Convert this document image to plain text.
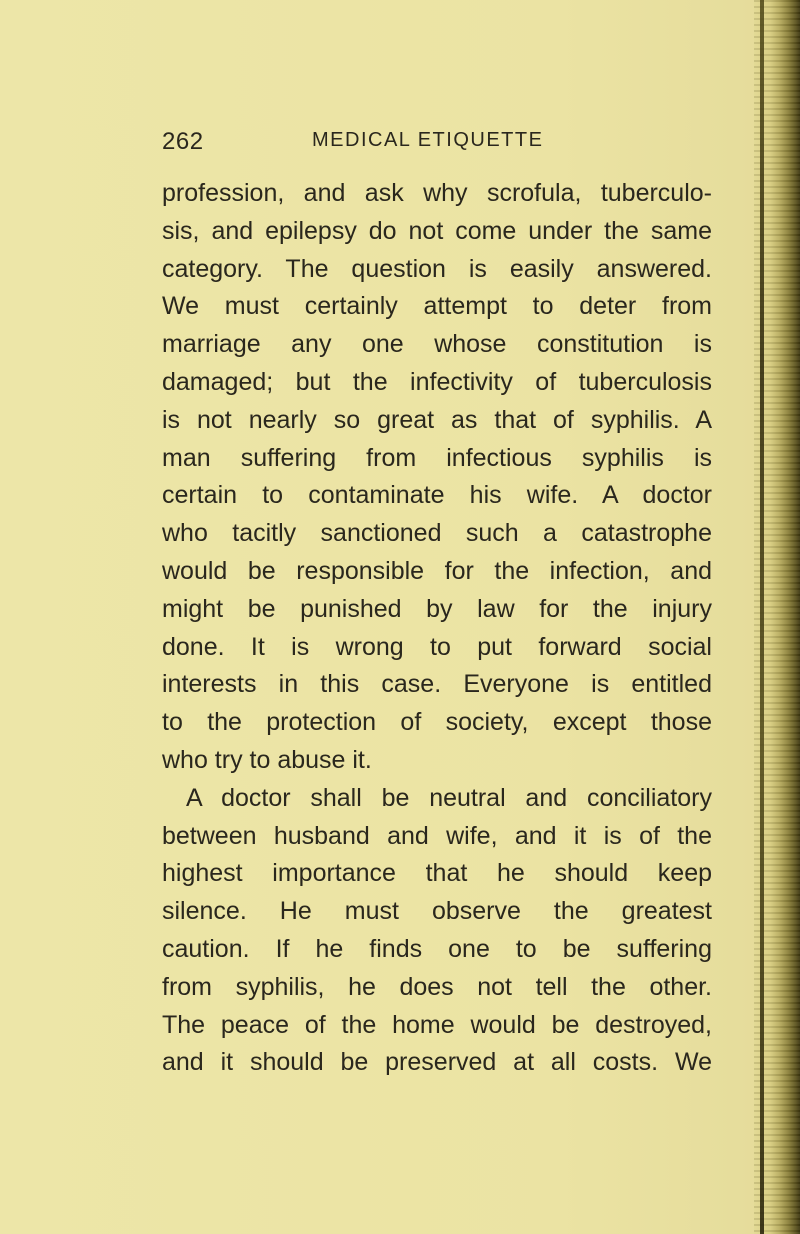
262	MEDICAL ETIQUETTE
profession, and ask why scrofula, tuberculo-
sis, and epilepsy do not come under the same
category. The question is easily answered.
We must certainly attempt to deter from
marriage any one whose constitution is
damaged; but the infectivity of tuberculosis
is not nearly so great as that of syphilis. A
man suffering from infectious syphilis is
certain to contaminate his wife. A doctor
who tacitly sanctioned such a catastrophe
would be responsible for the infection, and
might be punished by law for the injury
done. It is wrong to put forward social
interests in this case. Everyone is entitled
to the protection of society, except those
who try to abuse it.
A doctor shall be neutral and conciliatory
between husband and wife, and it is of the
highest importance that he should keep
silence. He must observe the greatest
caution. If he finds one to be suffering
from syphilis, he does not tell the other.
The peace of the home would be destroyed,
and it should be preserved at all costs. We
